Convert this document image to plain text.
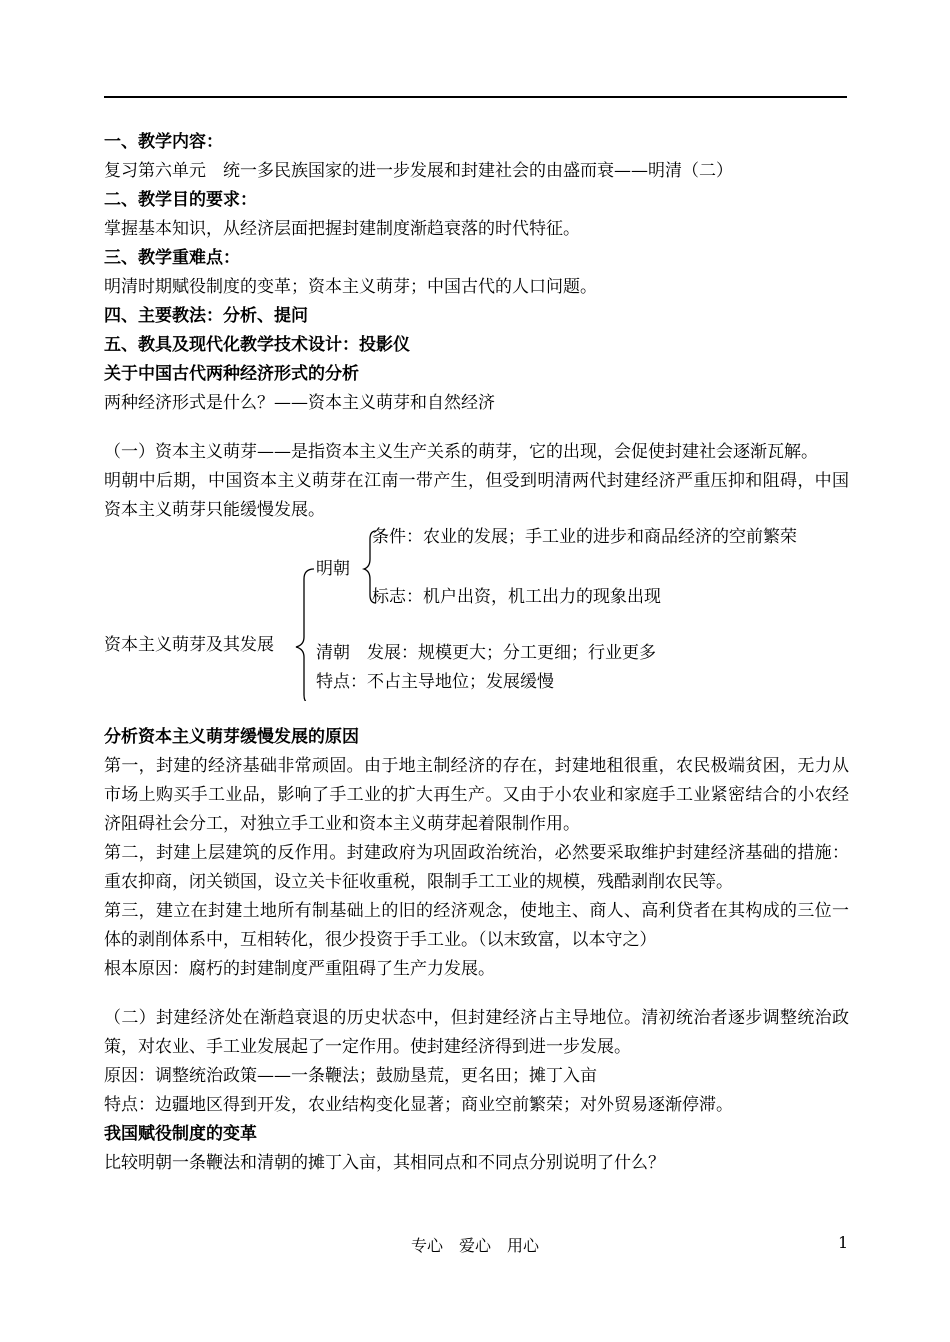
一、教学内容：
复习第六单元　统一多民族国家的进一步发展和封建社会的由盛而衰——明清（二）
二、教学目的要求：
掌握基本知识，从经济层面把握封建制度渐趋衰落的时代特征。
三、教学重难点：
明清时期赋役制度的变革；资本主义萌芽；中国古代的人口问题。
四、主要教法：分析、提问
五、教具及现代化教学技术设计：投影仪
关于中国古代两种经济形式的分析
两种经济形式是什么？——资本主义萌芽和自然经济
（一）资本主义萌芽——是指资本主义生产关系的萌芽，它的出现，会促使封建社会逐渐瓦解。
明朝中后期，中国资本主义萌芽在江南一带产生，但受到明清两代封建经济严重压抑和阻碍，中国资本主义萌芽只能缓慢发展。
资本主义萌芽及其发展
明朝
条件：农业的发展；手工业的进步和商品经济的空前繁荣
标志：机户出资，机工出力的现象出现
清朝　发展：规模更大；分工更细；行业更多
特点：不占主导地位；发展缓慢
分析资本主义萌芽缓慢发展的原因
第一，封建的经济基础非常顽固。由于地主制经济的存在，封建地租很重，农民极端贫困，无力从市场上购买手工业品，影响了手工业的扩大再生产。又由于小农业和家庭手工业紧密结合的小农经济阻碍社会分工，对独立手工业和资本主义萌芽起着限制作用。
第二，封建上层建筑的反作用。封建政府为巩固政治统治，必然要采取维护封建经济基础的措施：重农抑商，闭关锁国，设立关卡征收重税，限制手工工业的规模，残酷剥削农民等。
第三，建立在封建土地所有制基础上的旧的经济观念，使地主、商人、高利贷者在其构成的三位一体的剥削体系中，互相转化，很少投资于手工业。（以末致富，以本守之）
根本原因：腐朽的封建制度严重阻碍了生产力发展。
（二）封建经济处在渐趋衰退的历史状态中，但封建经济占主导地位。清初统治者逐步调整统治政策，对农业、手工业发展起了一定作用。使封建经济得到进一步发展。
原因：调整统治政策——一条鞭法；鼓励垦荒，更名田；摊丁入亩
特点：边疆地区得到开发，农业结构变化显著；商业空前繁荣；对外贸易逐渐停滞。
我国赋役制度的变革
比较明朝一条鞭法和清朝的摊丁入亩，其相同点和不同点分别说明了什么？
专心　爱心　用心	1
